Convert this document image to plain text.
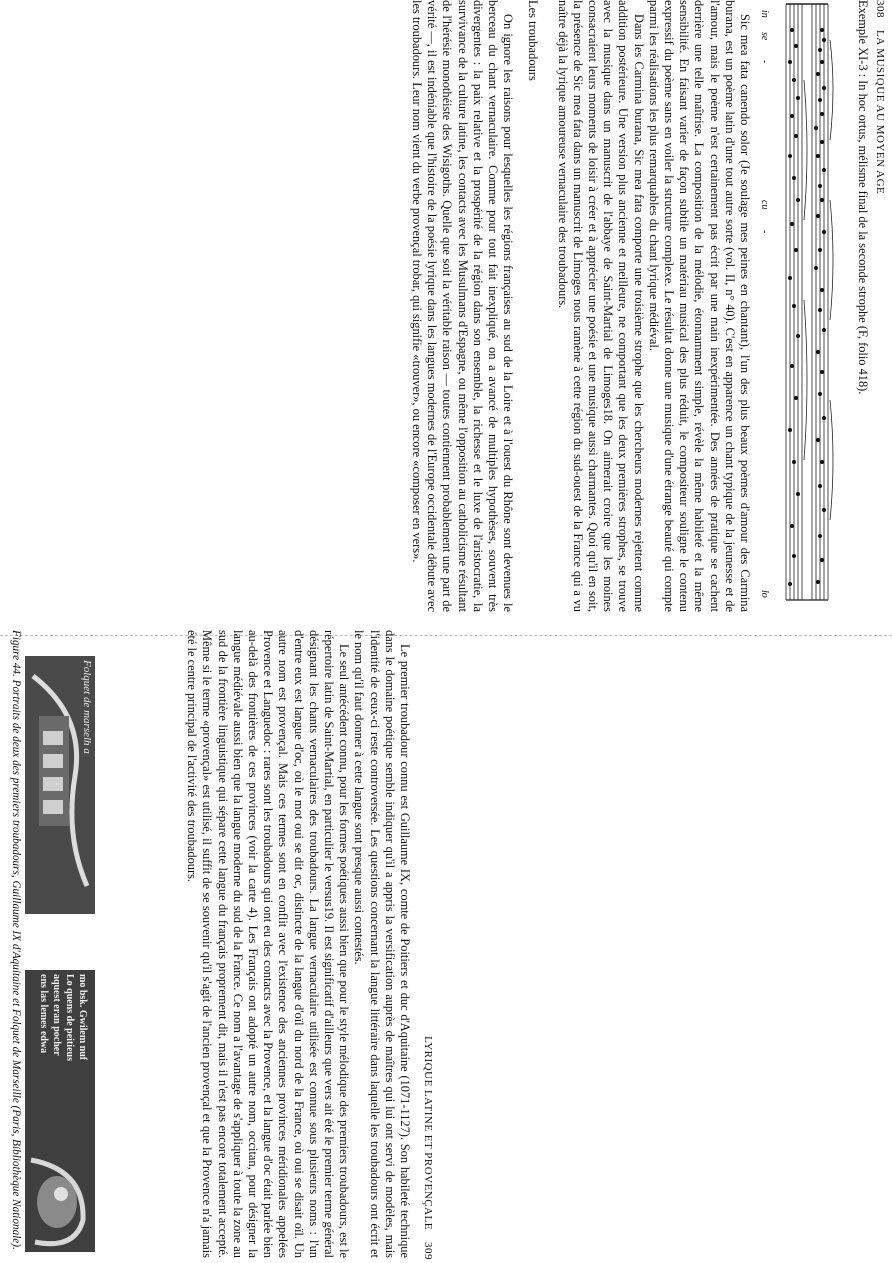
308
LA MUSIQUE AU MOYEN AGE

Exemple XI-3 : In hoc ortus, mélisme final de la seconde strophe (F, folio 418).

in
se
-
cu
-
lo

Sic mea fata canendo solor (Je soulage mes peines en chantant), l'un des plus beaux poèmes d'amour des Carmina burana, est un poème latin d'une tout autre sorte (vol. II, n° 40). C'est en apparence un chant typique de la jeunesse et de l'amour, mais le poème n'est certainement pas écrit par une main inexpérimentée. Des années de pratique se cachent derrière une telle maîtrise. La composition de la mélodie, étonnamment simple, révèle la même habileté et la même sensibilité. En faisant varier de façon subtile un matériau musical des plus réduit, le compositeur souligne le contenu expressif du poème sans en voiler la structure complexe. Le résultat donne une musique d'une étrange beauté qui compte parmi les réalisations les plus remarquables du chant lyrique médiéval.

Dans les Carmina burana, Sic mea fata comporte une troisième strophe que les chercheurs modernes rejettent comme addition postérieure. Une version plus ancienne et meilleure, ne comportant que les deux premières strophes, se trouve avec la musique dans un manuscrit de l'abbaye de Saint-Martial de Limoges18. On aimerait croire que les moines consacraient leurs moments de loisir à créer et à apprécier une poésie et une musique aussi charmantes. Quoi qu'il en soit, la présence de Sic mea fata dans un manuscrit de Limoges nous ramène à cette région du sud-ouest de la France qui a vu naître déjà la lyrique amoureuse vernaculaire des troubadours.

Les troubadours

On ignore les raisons pour lesquelles les régions françaises au sud de la Loire et à l'ouest du Rhône sont devenues le berceau du chant vernaculaire. Comme pour tout fait inexpliqué, on a avancé de multiples hypothèses, souvent très divergentes : la paix relative et la prospérité de la région dans son ensemble, la richesse et le luxe de l'aristocratie, la survivance de la culture latine, les contacts avec les Musulmans d'Espagne, ou même l'opposition au catholicisme résultant de l'hérésie monothéiste des Wisigoths. Quelle que soit la véritable raison — toutes contiennent probablement une part de vérité —, il est indéniable que l'histoire de la poésie lyrique dans les langues modernes de l'Europe occidentale débute avec les troubadours. Leur nom vient du verbe provençal trobar, qui signifie «trouver», ou encore «composer en vers».

LYRIQUE LATINE ET PROVENÇALE
309

Le premier troubadour connu est Guillaume IX, comte de Poitiers et duc d'Aquitaine (1071-1127). Son habileté technique dans le domaine poétique semble indiquer qu'il a appris la versification auprès de maîtres qui lui ont servi de modèles, mais l'identité de ceux-ci reste controversée. Les questions concernant la langue littéraire dans laquelle les troubadours ont écrit et le nom qu'il faut donner à cette langue sont presque aussi contestés.

Le seul antécédent connu, pour les formes poétiques aussi bien que pour le style mélodique des premiers troubadours, est le répertoire latin de Saint-Martial, en particulier le versus19. Il est significatif d'ailleurs que vers ait été le premier terme général désignant les chants vernaculaires des troubadours. La langue vernaculaire utilisée est connue sous plusieurs noms : l'un d'entre eux est langue d'oc, où le mot oui se dit oc, distincte de la langue d'oïl du nord de la France, où oui se disait oïl. Un autre nom est provençal. Mais ces termes sont en conflit avec l'existence des anciennes provinces méridionales appelées Provence et Languedoc : rares sont les troubadours qui ont eu des contacts avec la Provence, et la langue d'oc était parlée bien au-delà des frontières de ces provinces (voir la carte 4). Les Français ont adopté un autre nom, occitan, pour désigner la langue médiévale aussi bien que la langue moderne du sud de la France. Ce nom a l'avantage de s'appliquer à toute la zone au sud de la frontière linguistique qui sépare cette langue du français proprement dit, mais il n'est pas encore totalement accepté. Même si le terme «provençal» est utilisé, il suffit de se souvenir qu'il s'agit de l'ancien provençal et que la Provence n'a jamais été le centre principal de l'activité des troubadours.

Folquet de marselh a
mo bsk. Gwilem nuf
Lo quens de peitieus
aquest eran pocher
ens las lemes edwa
Figure 44. Portraits de deux des premiers troubadours, Guillaume IX d'Aquitaine et Folquet de Marseille (Paris, Bibliothèque Nationale).
